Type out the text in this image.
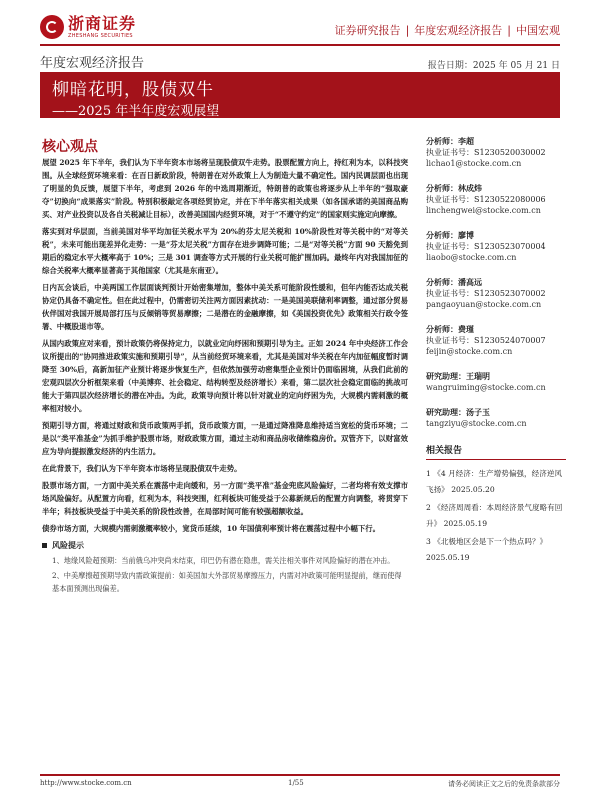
浙商证券
ZHESHANG SECURITIES	证券研究报告 | 年度宏观经济报告 | 中国宏观
年度宏观经济报告	报告日期：2025 年 05 月 21 日
柳暗花明，股债双牛
——2025 年半年度宏观展望
核心观点

展望 2025 年下半年，我们认为下半年资本市场将呈现股债双牛走势。股票配置方向上，持红利为本，以科技突围。从全球经贸环境来看：在百日新政阶段，特朗普在对外政策上人为制造大量不确定性。国内民调层面也出现了明显的负反馈，展望下半年，考虑到 2026 年的中选周期渐近，特朗普的政策也将逐步从上半年的“强取豪夺”切换向“成果落实”阶段。特别积极敲定各项经贸协定，并在下半年落实相关成果（如各国承诺的美国商品购买、对产业投资以及各自关税减让目标），改善美国国内经贸环境，对于“不遵守约定”的国家则实施定向摩擦。

落实到对华层面，当前美国对华平均加征关税水平为 20%的芬太尼关税和 10%阶段性对等关税中的“对等关税”，未来可能出现差异化走势：一是“芬太尼关税”方面存在进步调降可能；二是“对等关税”方面 90 天豁免到期后的稳定水平大概率高于 10%；三是 301 调查等方式开展的行业关税可能扩围加码。最终年内对我国加征的综合关税率大概率显著高于其他国家（尤其是东南亚）。

日内瓦会谈后，中美两国工作层面谈判预计开始密集增加，整体中美关系可能阶段性缓和，但年内能否达成关税协定仍具备不确定性。但在此过程中，仍需密切关注两方面因素扰动：一是美国美联储利率调整，通过部分贸易伙伴国对我国开展局部打压与反倾销等贸易摩擦；二是潜在的金融摩擦，如《美国投资优先》政策相关行政令签署、中概股退市等。

从国内政策应对来看，预计政策仍将保持定力，以就业定向纾困和预期引导为主。正如 2024 年中央经济工作会议所提出的“协同推进政策实施和预期引导”，从当前经贸环境来看，尤其是美国对华关税在年内加征幅度暂时调降至 30%后，高新加征产业预计将逐步恢复生产，但依然加强劳动密集型企业预计仍面临困境，从我们此前的宏观四层次分析框架来看（中美博弈、社会稳定、结构转型及经济增长）来看，第二层次社会稳定面临的挑战可能大于第四层次经济增长的潜在冲击。为此，政策导向预计将以针对就业的定向纾困为先，大规模内需刺激的概率相对较小。

预期引导方面，将通过财政和货币政策两手抓，货币政策方面，一是通过降准降息维持适当宽松的货币环境；二是以“类平准基金”为抓手维护股票市场，财政政策方面，通过主动和商品房收储维稳房价。双管齐下，以财富效应为导向提振激发经济的内生活力。

在此背景下，我们认为下半年资本市场将呈现股债双牛走势。

股票市场方面，一方面中美关系在震荡中走向缓和，另一方面“类平准”基金兜底风险偏好，二者均将有效支撑市场风险偏好。从配置方向看，红利为本，科技突围，红利板块可能受益于公募新规后的配置方向调整，将贯穿下半年；科技板块受益于中美关系的阶段性改善，在局部时间可能有较强超额收益。

债券市场方面，大规模内需刺激概率较小，宽货币延续，10 年国债利率预计将在震荡过程中小幅下行。

风险提示
1、地缘风险超预期：当前俄乌冲突尚未结束，印巴仍有潜在隐患，需关注相关事件对风险偏好的潜在冲击。
2、中美摩擦超预期导致内需政策提前：如美国加大外部贸易摩擦压力，内需对冲政策可能明显提前，继而使得基本面预测出现偏差。
分析师：李超
执业证书号：S1230520030002
lichao1@stocke.com.cn
分析师：林成炜
执业证书号：S1230522080006
linchengwei@stocke.com.cn
分析师：廖博
执业证书号：S1230523070004
liaobo@stocke.com.cn
分析师：潘高远
执业证书号：S1230523070002
pangaoyuan@stocke.com.cn
分析师：费瑾
执业证书号：S1230524070007
feijin@stocke.com.cn
研究助理：王瑞明
wangruiming@stocke.com.cn
研究助理：汤子玉
tangziyu@stocke.com.cn
相关报告
1 《4 月经济：生产增势偏强，经济逆风飞扬》 2025.05.20
2 《经济周周看：本周经济景气度略有回升》 2025.05.19
3 《北极地区会是下一个热点吗？》 2025.05.19
http://www.stocke.com.cn	1/55	请务必阅读正文之后的免责条款部分
